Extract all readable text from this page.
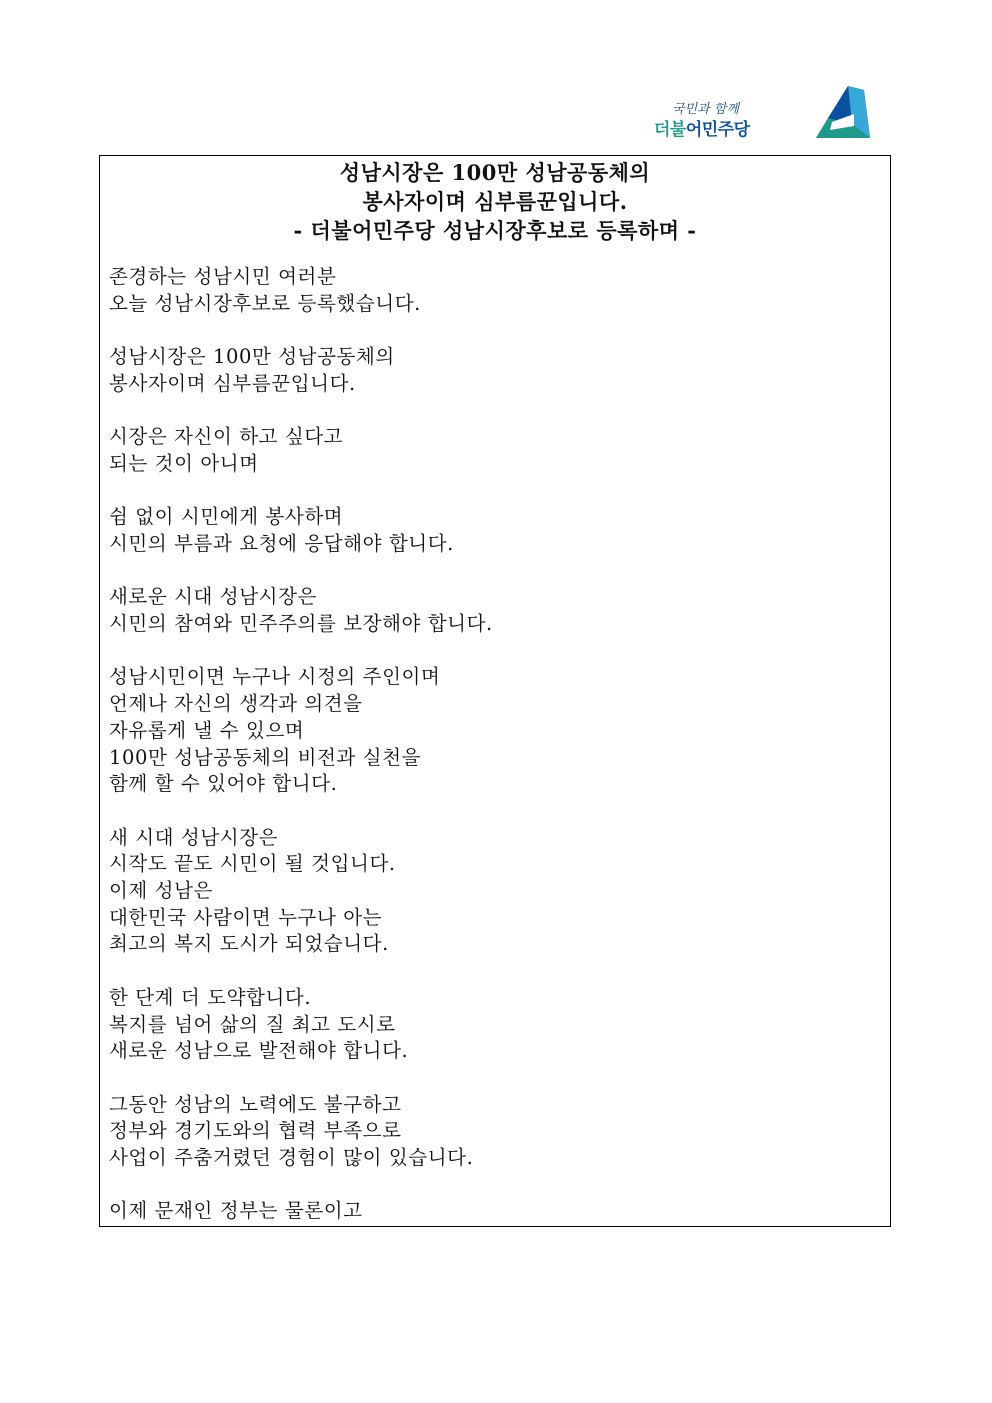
국민과 함께
더불어민주당
성남시장은 100만 성남공동체의
봉사자이며 심부름꾼입니다.
- 더불어민주당 성남시장후보로 등록하며 -
존경하는 성남시민 여러분
오늘 성남시장후보로 등록했습니다.
성남시장은 100만 성남공동체의
봉사자이며 심부름꾼입니다.
시장은 자신이 하고 싶다고
되는 것이 아니며
쉼 없이 시민에게 봉사하며
시민의 부름과 요청에 응답해야 합니다.
새로운 시대 성남시장은
시민의 참여와 민주주의를 보장해야 합니다.
성남시민이면 누구나 시정의 주인이며
언제나 자신의 생각과 의견을
자유롭게 낼 수 있으며
100만 성남공동체의 비전과 실천을
함께 할 수 있어야 합니다.
새 시대 성남시장은
시작도 끝도 시민이 될 것입니다.
이제 성남은
대한민국 사람이면 누구나 아는
최고의 복지 도시가 되었습니다.
한 단계 더 도약합니다.
복지를 넘어 삶의 질 최고 도시로
새로운 성남으로 발전해야 합니다.
그동안 성남의 노력에도 불구하고
정부와 경기도와의 협력 부족으로
사업이 주춤거렸던 경험이 많이 있습니다.
이제 문재인 정부는 물론이고
